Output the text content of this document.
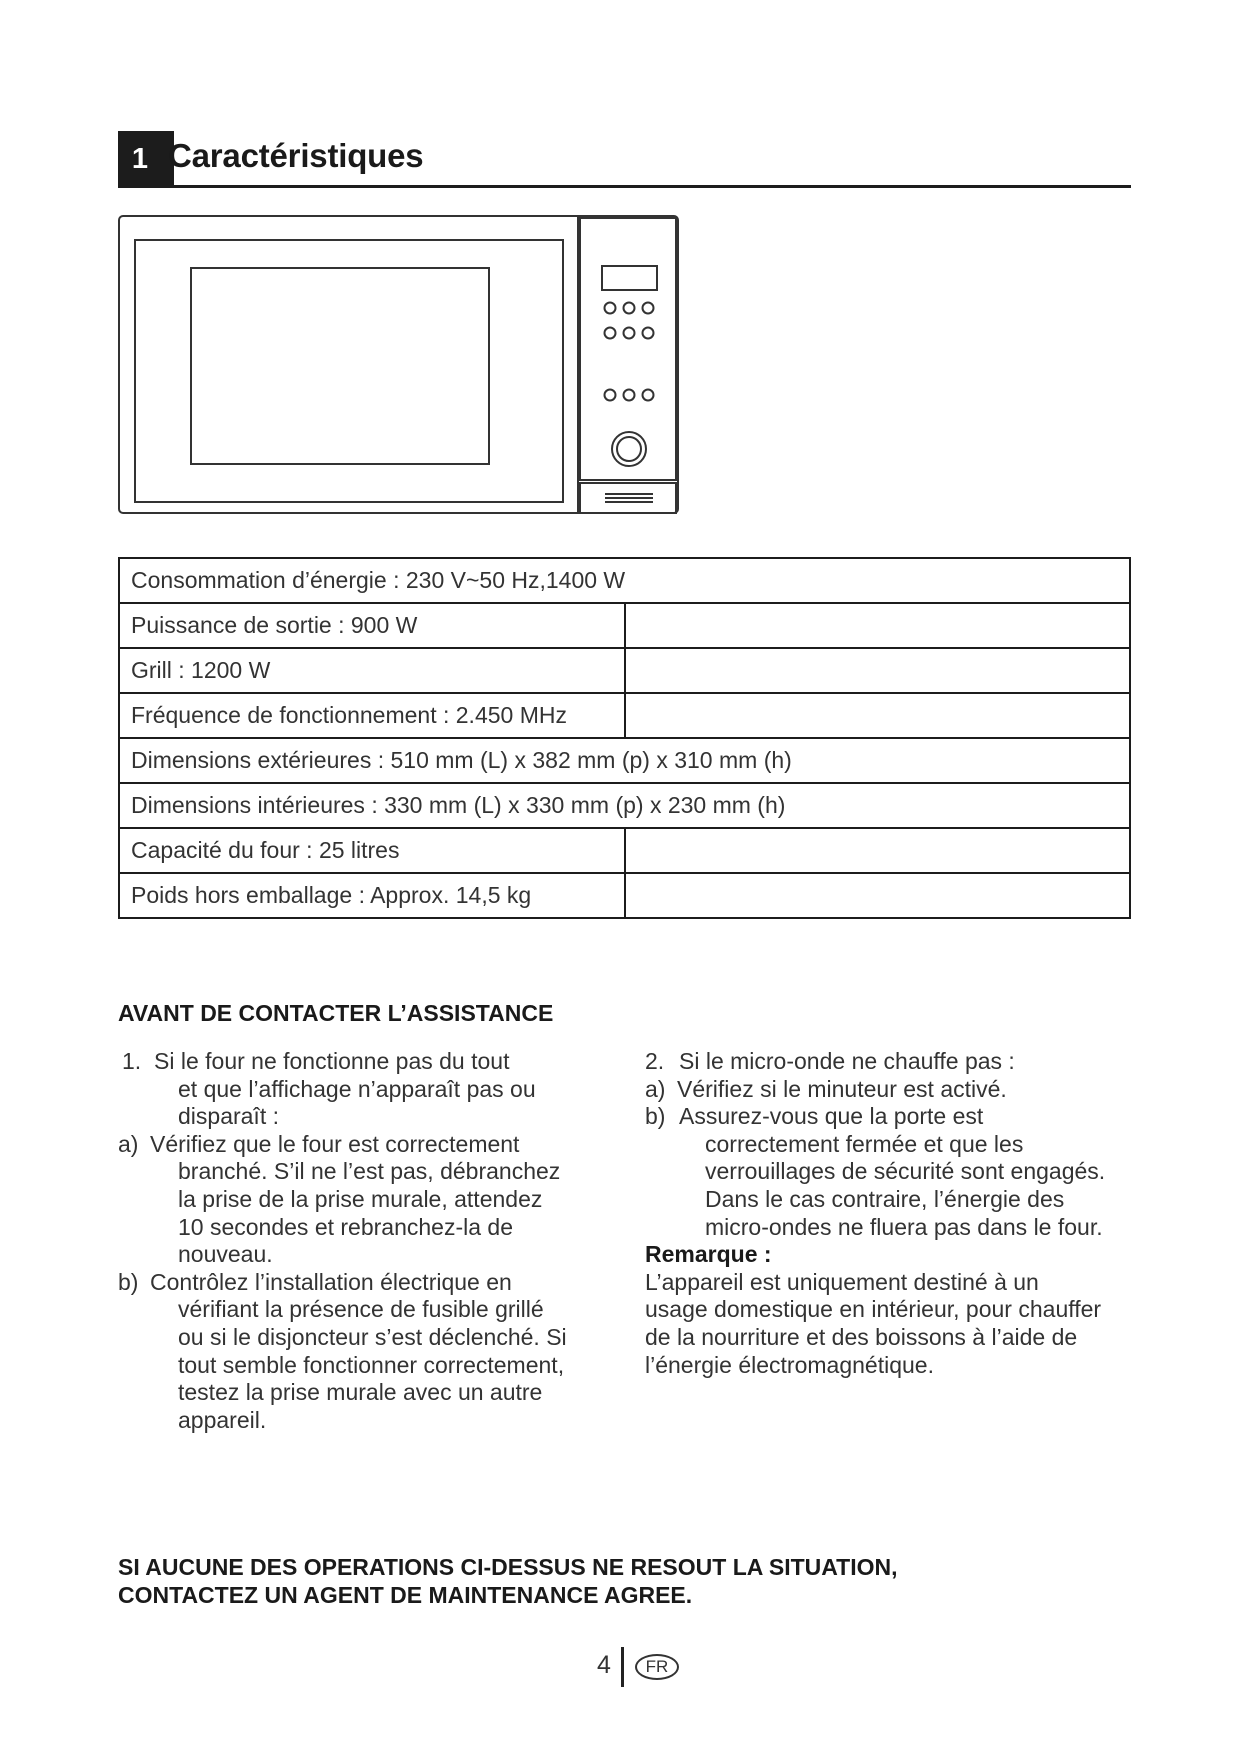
1 Caractéristiques
Consommation d’énergie : 230 V~50 Hz,1400 W	
Puissance de sortie : 900 W	
Grill : 1200 W	
Fréquence de fonctionnement : 2.450 MHz	
Dimensions extérieures : 510 mm (L) x 382 mm (p) x 310 mm (h)	
Dimensions intérieures : 330 mm (L) x 330 mm (p) x 230 mm (h)	
Capacité du four : 25 litres	
Poids hors emballage : Approx. 14,5 kg	
AVANT DE CONTACTER L’ASSISTANCE
1. Si le four ne fonctionne pas du tout
et que l’affichage n’apparaît pas ou
disparaît :
a) Vérifiez que le four est correctement
branché. S’il ne l’est pas, débranchez
la prise de la prise murale, attendez
10 secondes et rebranchez-la de
nouveau.
b) Contrôlez l’installation électrique en
vérifiant la présence de fusible grillé
ou si le disjoncteur s’est déclenché. Si
tout semble fonctionner correctement,
testez la prise murale avec un autre
appareil.
2. Si le micro-onde ne chauffe pas :
a) Vérifiez si le minuteur est activé.
b) Assurez-vous que la porte est
correctement fermée et que les
verrouillages de sécurité sont engagés.
Dans le cas contraire, l’énergie des
micro-ondes ne fluera pas dans le four.
Remarque :
L’appareil est uniquement destiné à un
usage domestique en intérieur, pour chauffer
de la nourriture et des boissons à l’aide de
l’énergie électromagnétique.
SI AUCUNE DES OPERATIONS CI-DESSUS NE RESOUT LA SITUATION,
CONTACTEZ UN AGENT DE MAINTENANCE AGREE.
4	FR
